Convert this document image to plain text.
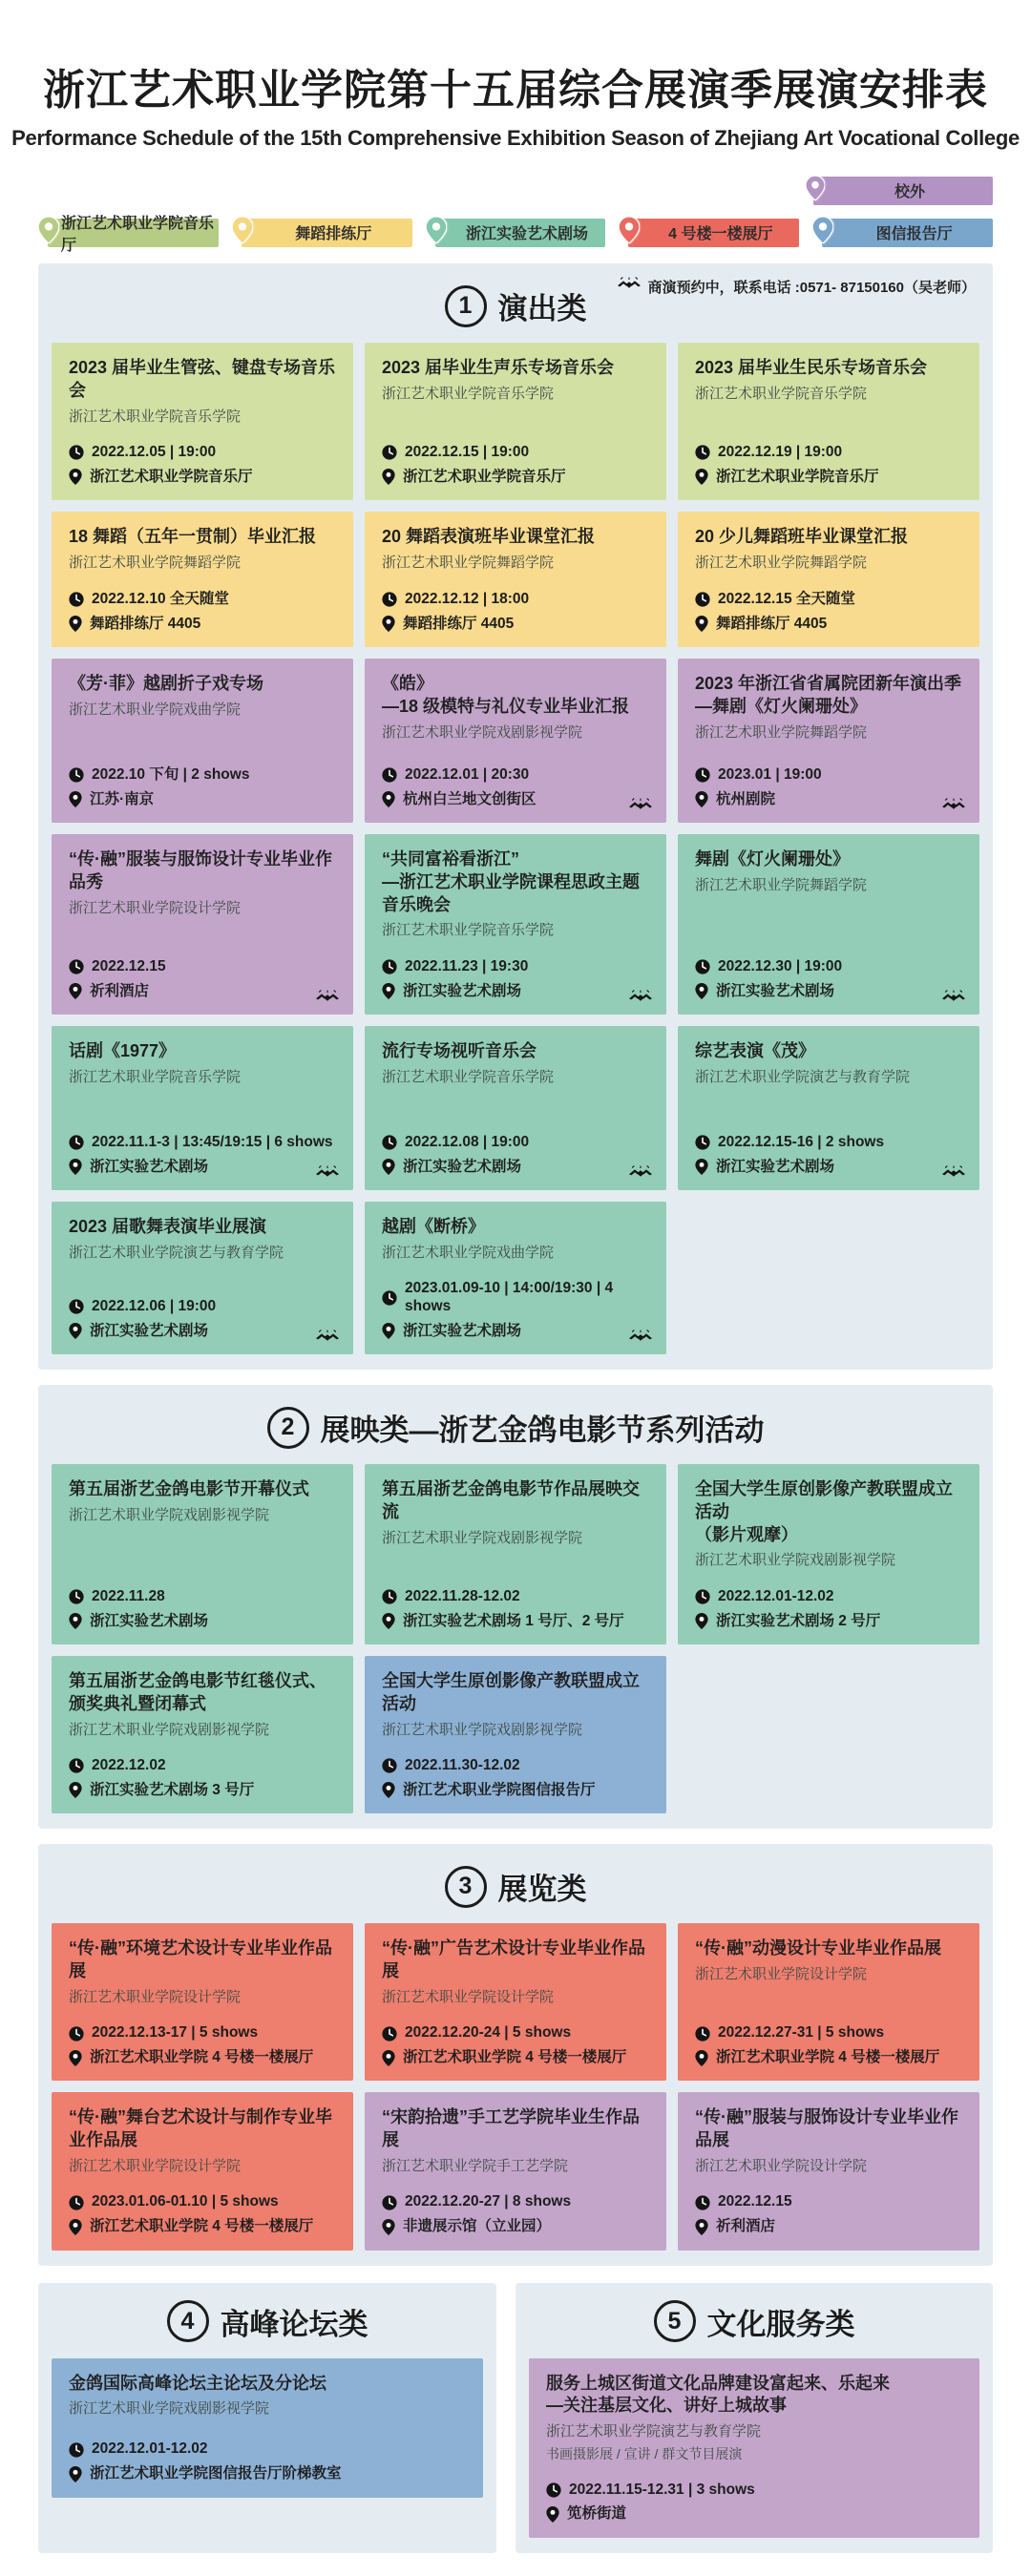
浙江艺术职业学院第十五届综合展演季展演安排表
Performance Schedule of the 15th Comprehensive Exhibition Season of Zhejiang Art Vocational College
校外
浙江艺术职业学院音乐厅
舞蹈排练厅	浙江实验艺术剧场	4 号楼一楼展厅	图信报告厅
商演预约中，联系电话 :0571- 87150160（吴老师）
1 演出类
2023 届毕业生管弦、键盘专场音乐会
浙江艺术职业学院音乐学院
2022.12.05 | 19:00
浙江艺术职业学院音乐厅
2023 届毕业生声乐专场音乐会
浙江艺术职业学院音乐学院
2022.12.15 | 19:00
浙江艺术职业学院音乐厅
2023 届毕业生民乐专场音乐会
浙江艺术职业学院音乐学院
2022.12.19 | 19:00
浙江艺术职业学院音乐厅
18 舞蹈（五年一贯制）毕业汇报
浙江艺术职业学院舞蹈学院
2022.12.10 全天随堂
舞蹈排练厅 4405
20 舞蹈表演班毕业课堂汇报
浙江艺术职业学院舞蹈学院
2022.12.12 | 18:00
舞蹈排练厅 4405
20 少儿舞蹈班毕业课堂汇报
浙江艺术职业学院舞蹈学院
2022.12.15 全天随堂
舞蹈排练厅 4405
《芳·菲》越剧折子戏专场
浙江艺术职业学院戏曲学院
2022.10 下旬 | 2 shows
江苏·南京
《皓》
—18 级模特与礼仪专业毕业汇报
浙江艺术职业学院戏剧影视学院
2022.12.01 | 20:30
杭州白兰地文创街区
2023 年浙江省省属院团新年演出季
—舞剧《灯火阑珊处》
浙江艺术职业学院舞蹈学院
2023.01 | 19:00
杭州剧院
“传·融”服装与服饰设计专业毕业作品秀
浙江艺术职业学院设计学院
2022.12.15
祈利酒店
“共同富裕看浙江”
—浙江艺术职业学院课程思政主题音乐晚会
浙江艺术职业学院音乐学院
2022.11.23 | 19:30
浙江实验艺术剧场
舞剧《灯火阑珊处》
浙江艺术职业学院舞蹈学院
2022.12.30 | 19:00
浙江实验艺术剧场
话剧《1977》
浙江艺术职业学院音乐学院
2022.11.1-3 | 13:45/19:15 | 6 shows
浙江实验艺术剧场
流行专场视听音乐会
浙江艺术职业学院音乐学院
2022.12.08 | 19:00
浙江实验艺术剧场
综艺表演《茂》
浙江艺术职业学院演艺与教育学院
2022.12.15-16 | 2 shows
浙江实验艺术剧场
2023 届歌舞表演毕业展演
浙江艺术职业学院演艺与教育学院
2022.12.06 | 19:00
浙江实验艺术剧场
越剧《断桥》
浙江艺术职业学院戏曲学院
2023.01.09-10 | 14:00/19:30 | 4 shows
浙江实验艺术剧场
2 展映类—浙艺金鸽电影节系列活动
第五届浙艺金鸽电影节开幕仪式
浙江艺术职业学院戏剧影视学院
2022.11.28
浙江实验艺术剧场
第五届浙艺金鸽电影节作品展映交流
浙江艺术职业学院戏剧影视学院
2022.11.28-12.02
浙江实验艺术剧场 1 号厅、2 号厅
全国大学生原创影像产教联盟成立活动
（影片观摩）
浙江艺术职业学院戏剧影视学院
2022.12.01-12.02
浙江实验艺术剧场 2 号厅
第五届浙艺金鸽电影节红毯仪式、
颁奖典礼暨闭幕式
浙江艺术职业学院戏剧影视学院
2022.12.02
浙江实验艺术剧场 3 号厅
全国大学生原创影像产教联盟成立活动
浙江艺术职业学院戏剧影视学院
2022.11.30-12.02
浙江艺术职业学院图信报告厅
3 展览类
“传·融”环境艺术设计专业毕业作品展
浙江艺术职业学院设计学院
2022.12.13-17 | 5 shows
浙江艺术职业学院 4 号楼一楼展厅
“传·融”广告艺术设计专业毕业作品展
浙江艺术职业学院设计学院
2022.12.20-24 | 5 shows
浙江艺术职业学院 4 号楼一楼展厅
“传·融”动漫设计专业毕业作品展
浙江艺术职业学院设计学院
2022.12.27-31 | 5 shows
浙江艺术职业学院 4 号楼一楼展厅
“传·融”舞台艺术设计与制作专业毕业作品展
浙江艺术职业学院设计学院
2023.01.06-01.10 | 5 shows
浙江艺术职业学院 4 号楼一楼展厅
“宋韵拾遗”手工艺学院毕业生作品展
浙江艺术职业学院手工艺学院
2022.12.20-27 | 8 shows
非遗展示馆（立业园）
“传·融”服装与服饰设计专业毕业作品展
浙江艺术职业学院设计学院
2022.12.15
祈利酒店
4 高峰论坛类
金鸽国际高峰论坛主论坛及分论坛
浙江艺术职业学院戏剧影视学院
2022.12.01-12.02
浙江艺术职业学院图信报告厅阶梯教室
5 文化服务类
服务上城区街道文化品牌建设富起来、乐起来
—关注基层文化、讲好上城故事
浙江艺术职业学院演艺与教育学院
书画摄影展 / 宣讲 / 群文节目展演
2022.11.15-12.31 | 3 shows
笕桥街道
